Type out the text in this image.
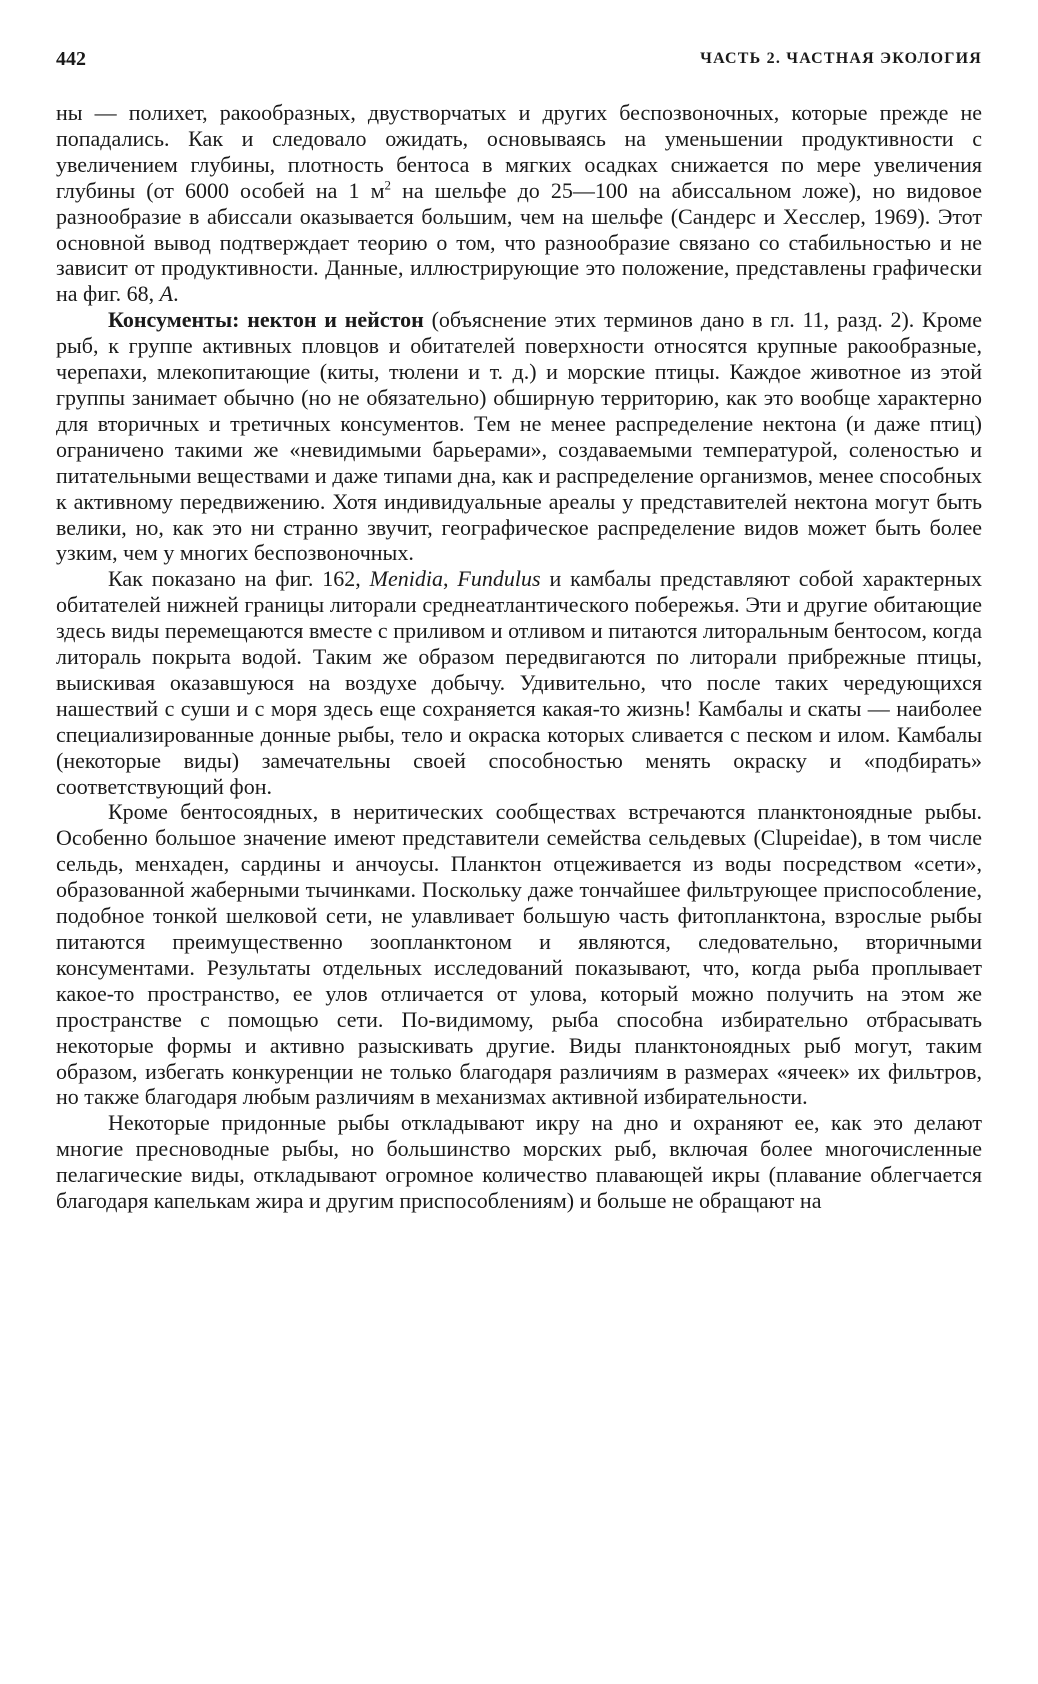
442	ЧАСТЬ 2. ЧАСТНАЯ ЭКОЛОГИЯ

ны — полихет, ракообразных, двустворчатых и других беспозвоночных, которые прежде не попадались. Как и следовало ожидать, основываясь на уменьшении продуктивности с увеличением глубины, плотность бентоса в мягких осадках снижается по мере увеличения глубины (от 6000 особей на 1 $м^2$ на шельфе до 25—100 на абиссальном ложе), но видовое разнообразие в абиссали оказывается большим, чем на шельфе (Сандерс и Хесслер, 1969). Этот основной вывод подтверждает теорию о том, что разнообразие связано со стабильностью и не зависит от продуктивности. Данные, иллюстрирующие это положение, представлены графически на фиг. 68, А.

Консументы: нектон и нейстон (объяснение этих терминов дано в гл. 11, разд. 2). Кроме рыб, к группе активных пловцов и обитателей поверхности относятся крупные ракообразные, черепахи, млекопитающие (киты, тюлени и т. д.) и морские птицы. Каждое животное из этой группы занимает обычно (но не обязательно) обширную территорию, как это вообще характерно для вторичных и третичных консументов. Тем не менее распределение нектона (и даже птиц) ограничено такими же «невидимыми барьерами», создаваемыми температурой, соленостью и питательными веществами и даже типами дна, как и распределение организмов, менее способных к активному передвижению. Хотя индивидуальные ареалы у представителей нектона могут быть велики, но, как это ни странно звучит, географическое распределение видов может быть более узким, чем у многих беспозвоночных.

Как показано на фиг. 162, Menidia, Fundulus и камбалы представляют собой характерных обитателей нижней границы литорали среднеатлантического побережья. Эти и другие обитающие здесь виды перемещаются вместе с приливом и отливом и питаются литоральным бентосом, когда литораль покрыта водой. Таким же образом передвигаются по литорали прибрежные птицы, выискивая оказавшуюся на воздухе добычу. Удивительно, что после таких чередующихся нашествий с суши и с моря здесь еще сохраняется какая-то жизнь! Камбалы и скаты — наиболее специализированные донные рыбы, тело и окраска которых сливается с песком и илом. Камбалы (некоторые виды) замечательны своей способностью менять окраску и «подбирать» соответствующий фон.

Кроме бентосоядных, в неритических сообществах встречаются планктоноядные рыбы. Особенно большое значение имеют представители семейства сельдевых (Clupeidae), в том числе сельдь, менхаден, сардины и анчоусы. Планктон отцеживается из воды посредством «сети», образованной жаберными тычинками. Поскольку даже тончайшее фильтрующее приспособление, подобное тонкой шелковой сети, не улавливает большую часть фитопланктона, взрослые рыбы питаются преимущественно зоопланктоном и являются, следовательно, вторичными консументами. Результаты отдельных исследований показывают, что, когда рыба проплывает какое-то пространство, ее улов отличается от улова, который можно получить на этом же пространстве с помощью сети. По-видимому, рыба способна избирательно отбрасывать некоторые формы и активно разыскивать другие. Виды планктоноядных рыб могут, таким образом, избегать конкуренции не только благодаря различиям в размерах «ячеек» их фильтров, но также благодаря любым различиям в механизмах активной избирательности.

Некоторые придонные рыбы откладывают икру на дно и охраняют ее, как это делают многие пресноводные рыбы, но большинство морских рыб, включая более многочисленные пелагические виды, откладывают огромное количество плавающей икры (плавание облегчается благодаря капелькам жира и другим приспособлениям) и больше не обращают на
